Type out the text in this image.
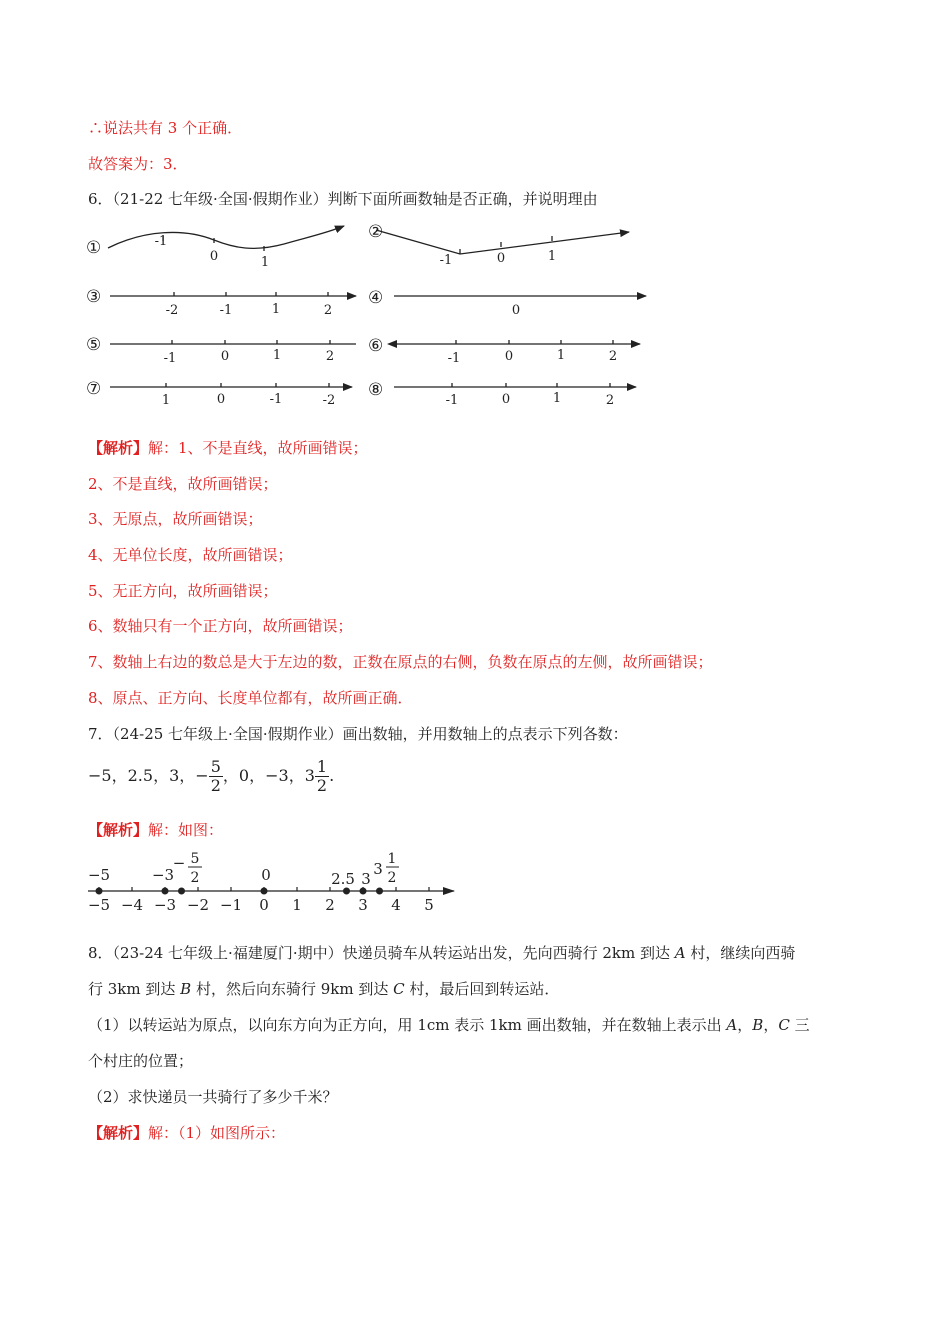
∴说法共有 3 个正确．
故答案为：3．
6．（21-22 七年级·全国·假期作业）判断下面所画数轴是否正确，并说明理由
①
②
③	④
⑤	⑥
⑦	⑧
-1
0	1	-1	0	1
-2	-1	1	2	0
-1	0	1	2	-1	0	1	2
1	0	-1	-2	-1	0	1	2
【解析】解：1、不是直线，故所画错误；
2、不是直线，故所画错误；
3、无原点，故所画错误；
4、无单位长度，故所画错误；
5、无正方向，故所画错误；
6、数轴只有一个正方向，故所画错误；
7、数轴上右边的数总是大于左边的数，正数在原点的右侧，负数在原点的左侧，故所画错误；
8、原点、正方向、长度单位都有，故所画正确．
7．（24-25 七年级上·全国·假期作业）画出数轴，并用数轴上的点表示下列各数：
−5，2.5，3，− $\frac{5}{2}$ ，0，−3，$3 \frac{1}{2}$ .
【解析】解：如图：
−5 −4 −3 −2 −1 0 1 2 3 4 5
−5	−3
− 5
2	0	2.5 3
3
1
2
8．（23-24 七年级上·福建厦门·期中）快递员骑车从转运站出发，先向西骑行 2km 到达 A 村，继续向西骑
行 3km 到达 B 村，然后向东骑行 9km 到达 C 村，最后回到转运站．
（1）以转运站为原点，以向东方向为正方向，用 1cm 表示 1km 画出数轴，并在数轴上表示出 A，B，C 三
个村庄的位置；
（2）求快递员一共骑行了多少千米？
【解析】解：（1）如图所示：
